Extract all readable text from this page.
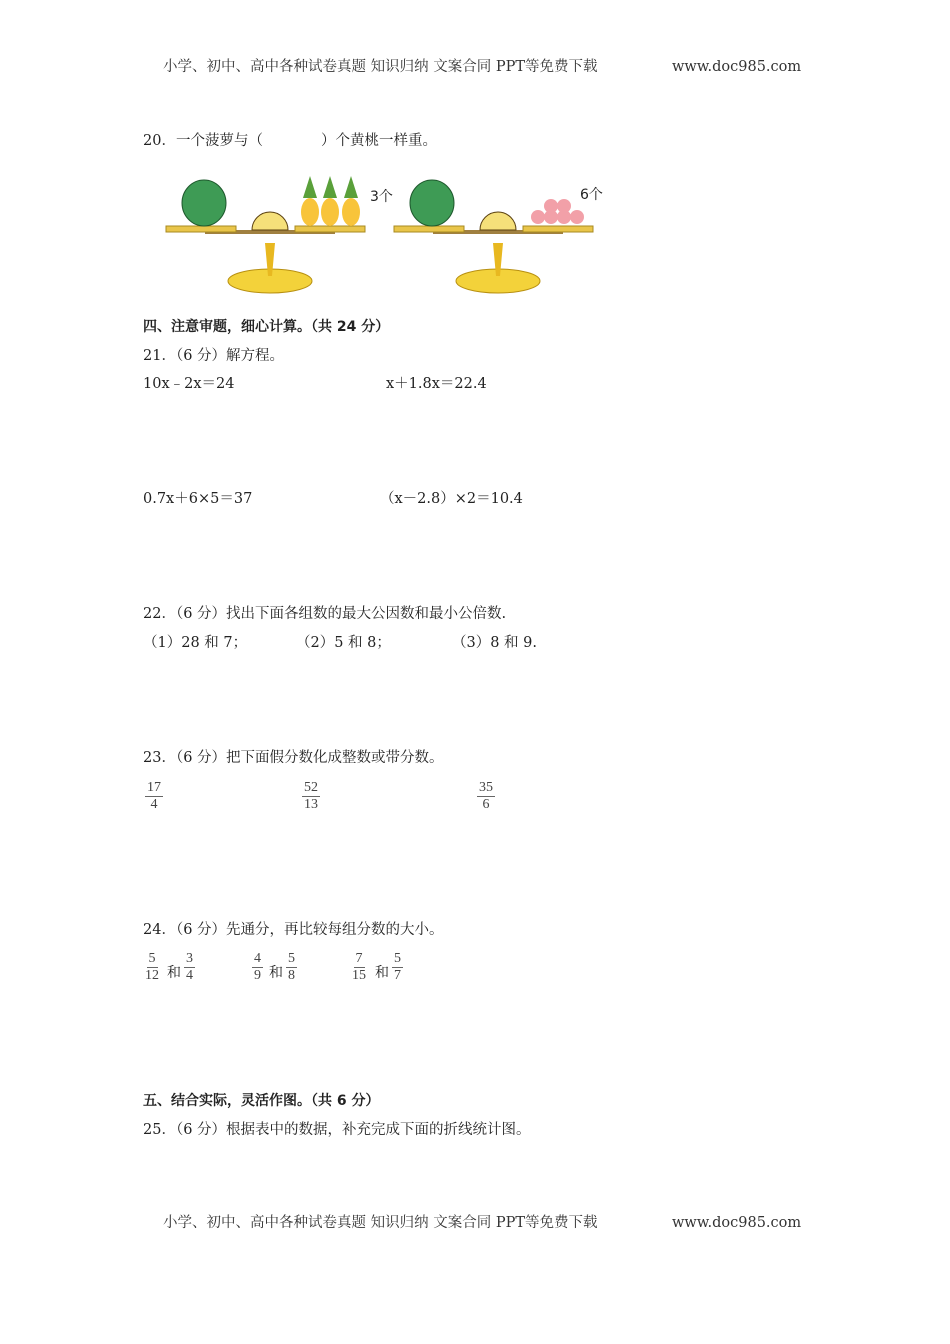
小学、初中、高中各种试卷真题 知识归纳 文案合同 PPT等免费下载	www.doc985.com
20．一个菠萝与（　　　　）个黄桃一样重。
3个	6个
四、注意审题，细心计算。（共 24 分）
21．（6 分）解方程。
10x﹣2x＝24	x＋1.8x＝22.4
0.7x＋6×5＝37	（x－2.8）×2＝10.4
22．（6 分）找出下面各组数的最大公因数和最小公倍数.
（1）28 和 7；	（2）5 和 8；	（3）8 和 9.
23．（6 分）把下面假分数化成整数或带分数。
$\frac{17}{4}$	$\frac{52}{13}$	$\frac{35}{6}$
24．（6 分）先通分，再比较每组分数的大小。
$\frac{5}{12}$ 和 $\frac{3}{4}$	$\frac{4}{9}$ 和 $\frac{5}{8}$	$\frac{7}{15}$ 和 $\frac{5}{7}$
五、结合实际，灵活作图。（共 6 分）
25．（6 分）根据表中的数据，补充完成下面的折线统计图。
小学、初中、高中各种试卷真题 知识归纳 文案合同 PPT等免费下载	www.doc985.com
